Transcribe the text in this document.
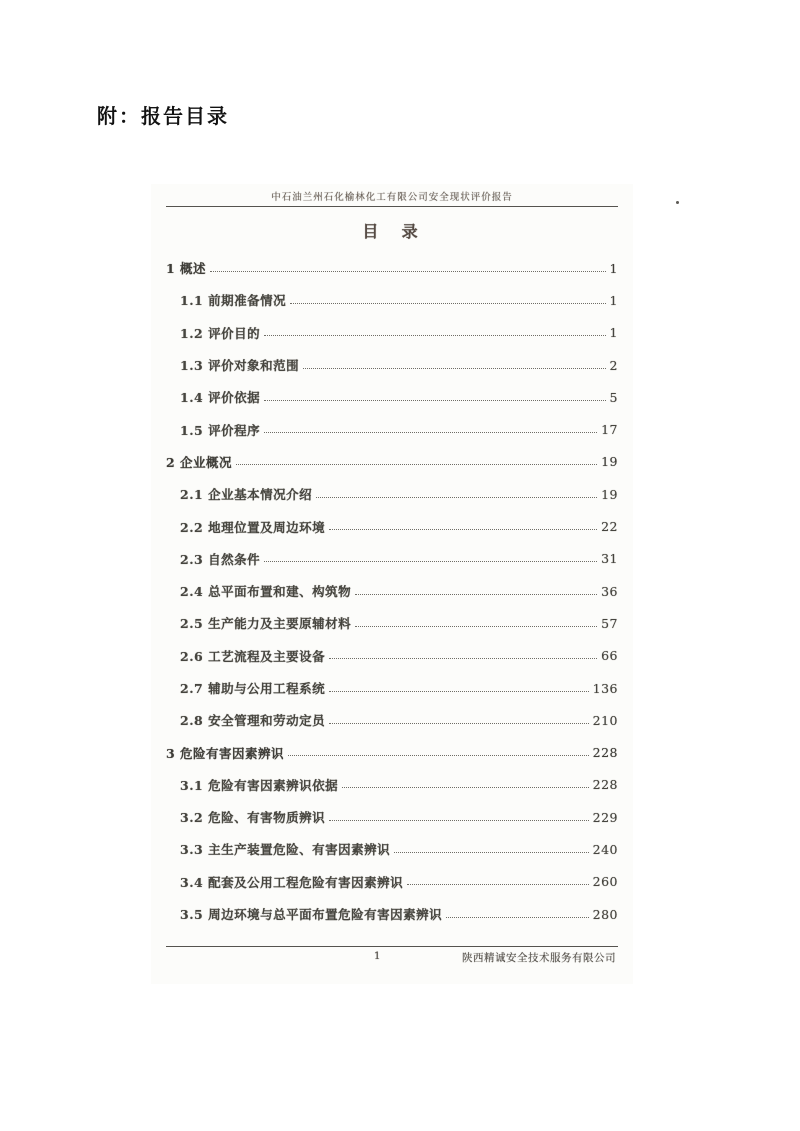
附：报告目录
中石油兰州石化榆林化工有限公司安全现状评价报告
目  录
1 概述	1
1.1 前期准备情况	1
1.2 评价目的	1
1.3 评价对象和范围	2
1.4 评价依据	5
1.5 评价程序	17
2 企业概况	19
2.1 企业基本情况介绍	19
2.2 地理位置及周边环境	22
2.3 自然条件	31
2.4 总平面布置和建、构筑物	36
2.5 生产能力及主要原辅材料	57
2.6 工艺流程及主要设备	66
2.7 辅助与公用工程系统	136
2.8 安全管理和劳动定员	210
3 危险有害因素辨识	228
3.1 危险有害因素辨识依据	228
3.2 危险、有害物质辨识	229
3.3 主生产装置危险、有害因素辨识	240
3.4 配套及公用工程危险有害因素辨识	260
3.5 周边环境与总平面布置危险有害因素辨识	280
1	陕西精诚安全技术服务有限公司
